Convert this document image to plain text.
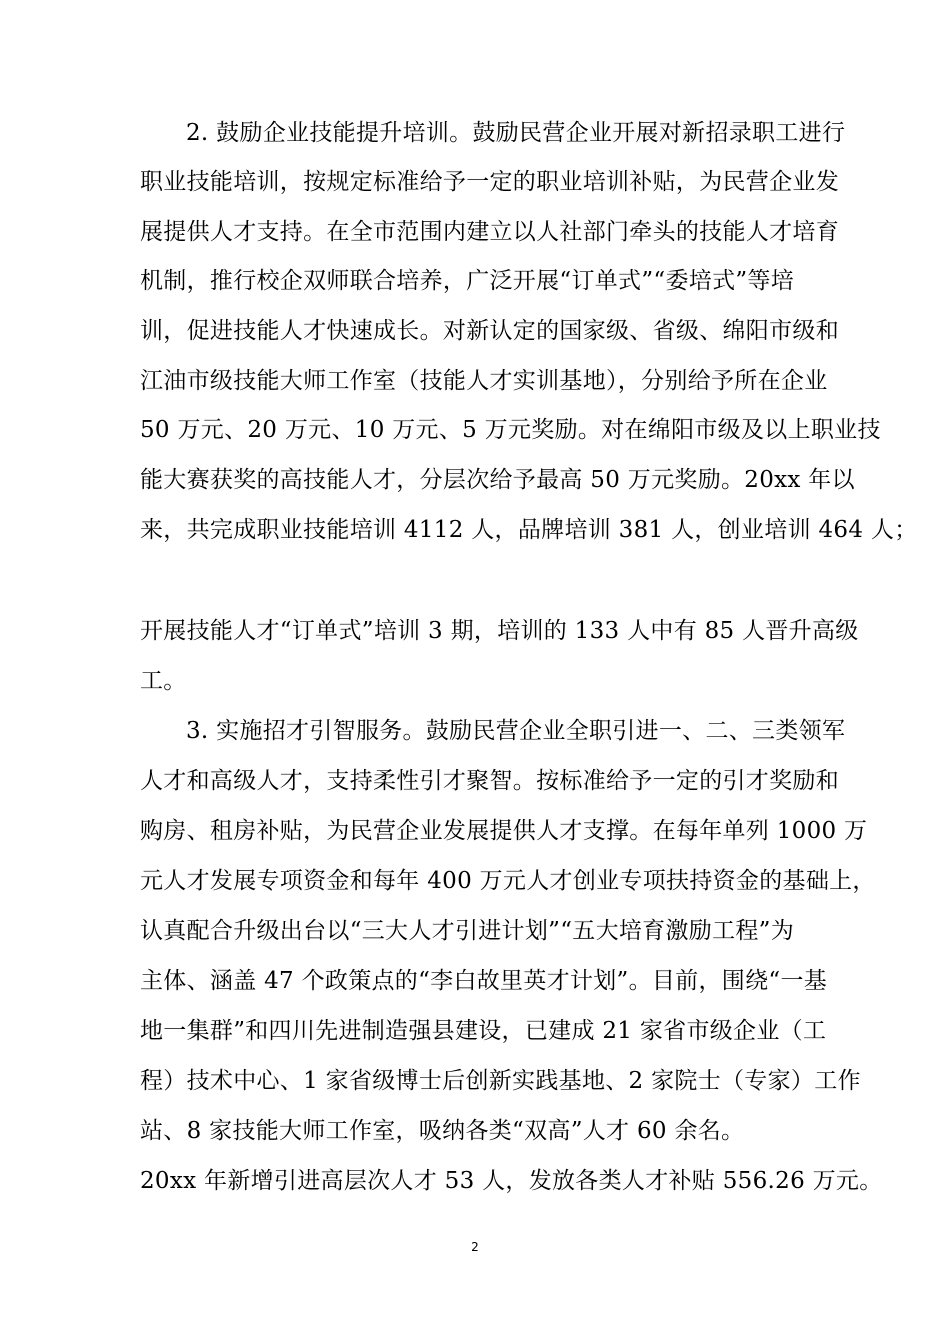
2. 鼓励企业技能提升培训。鼓励民营企业开展对新招录职工进行
职业技能培训，按规定标准给予一定的职业培训补贴，为民营企业发
展提供人才支持。在全市范围内建立以人社部门牵头的技能人才培育
机制，推行校企双师联合培养，广泛开展“订单式”“委培式”等培
训，促进技能人才快速成长。对新认定的国家级、省级、绵阳市级和
江油市级技能大师工作室（技能人才实训基地），分别给予所在企业
50 万元、20 万元、10 万元、5 万元奖励。对在绵阳市级及以上职业技
能大赛获奖的高技能人才，分层次给予最高 50 万元奖励。20xx 年以
来，共完成职业技能培训 4112 人，品牌培训 381 人，创业培训 464 人；
开展技能人才“订单式”培训 3 期，培训的 133 人中有 85 人晋升高级
工。
3. 实施招才引智服务。鼓励民营企业全职引进一、二、三类领军
人才和高级人才，支持柔性引才聚智。按标准给予一定的引才奖励和
购房、租房补贴，为民营企业发展提供人才支撑。在每年单列 1000 万
元人才发展专项资金和每年 400 万元人才创业专项扶持资金的基础上，
认真配合升级出台以“三大人才引进计划”“五大培育激励工程”为
主体、涵盖 47 个政策点的“李白故里英才计划”。目前，围绕“一基
地一集群”和四川先进制造强县建设，已建成 21 家省市级企业（工
程）技术中心、1 家省级博士后创新实践基地、2 家院士（专家）工作
站、8 家技能大师工作室，吸纳各类“双高”人才 60 余名。
20xx 年新增引进高层次人才 53 人，发放各类人才补贴 556.26 万元。
2
